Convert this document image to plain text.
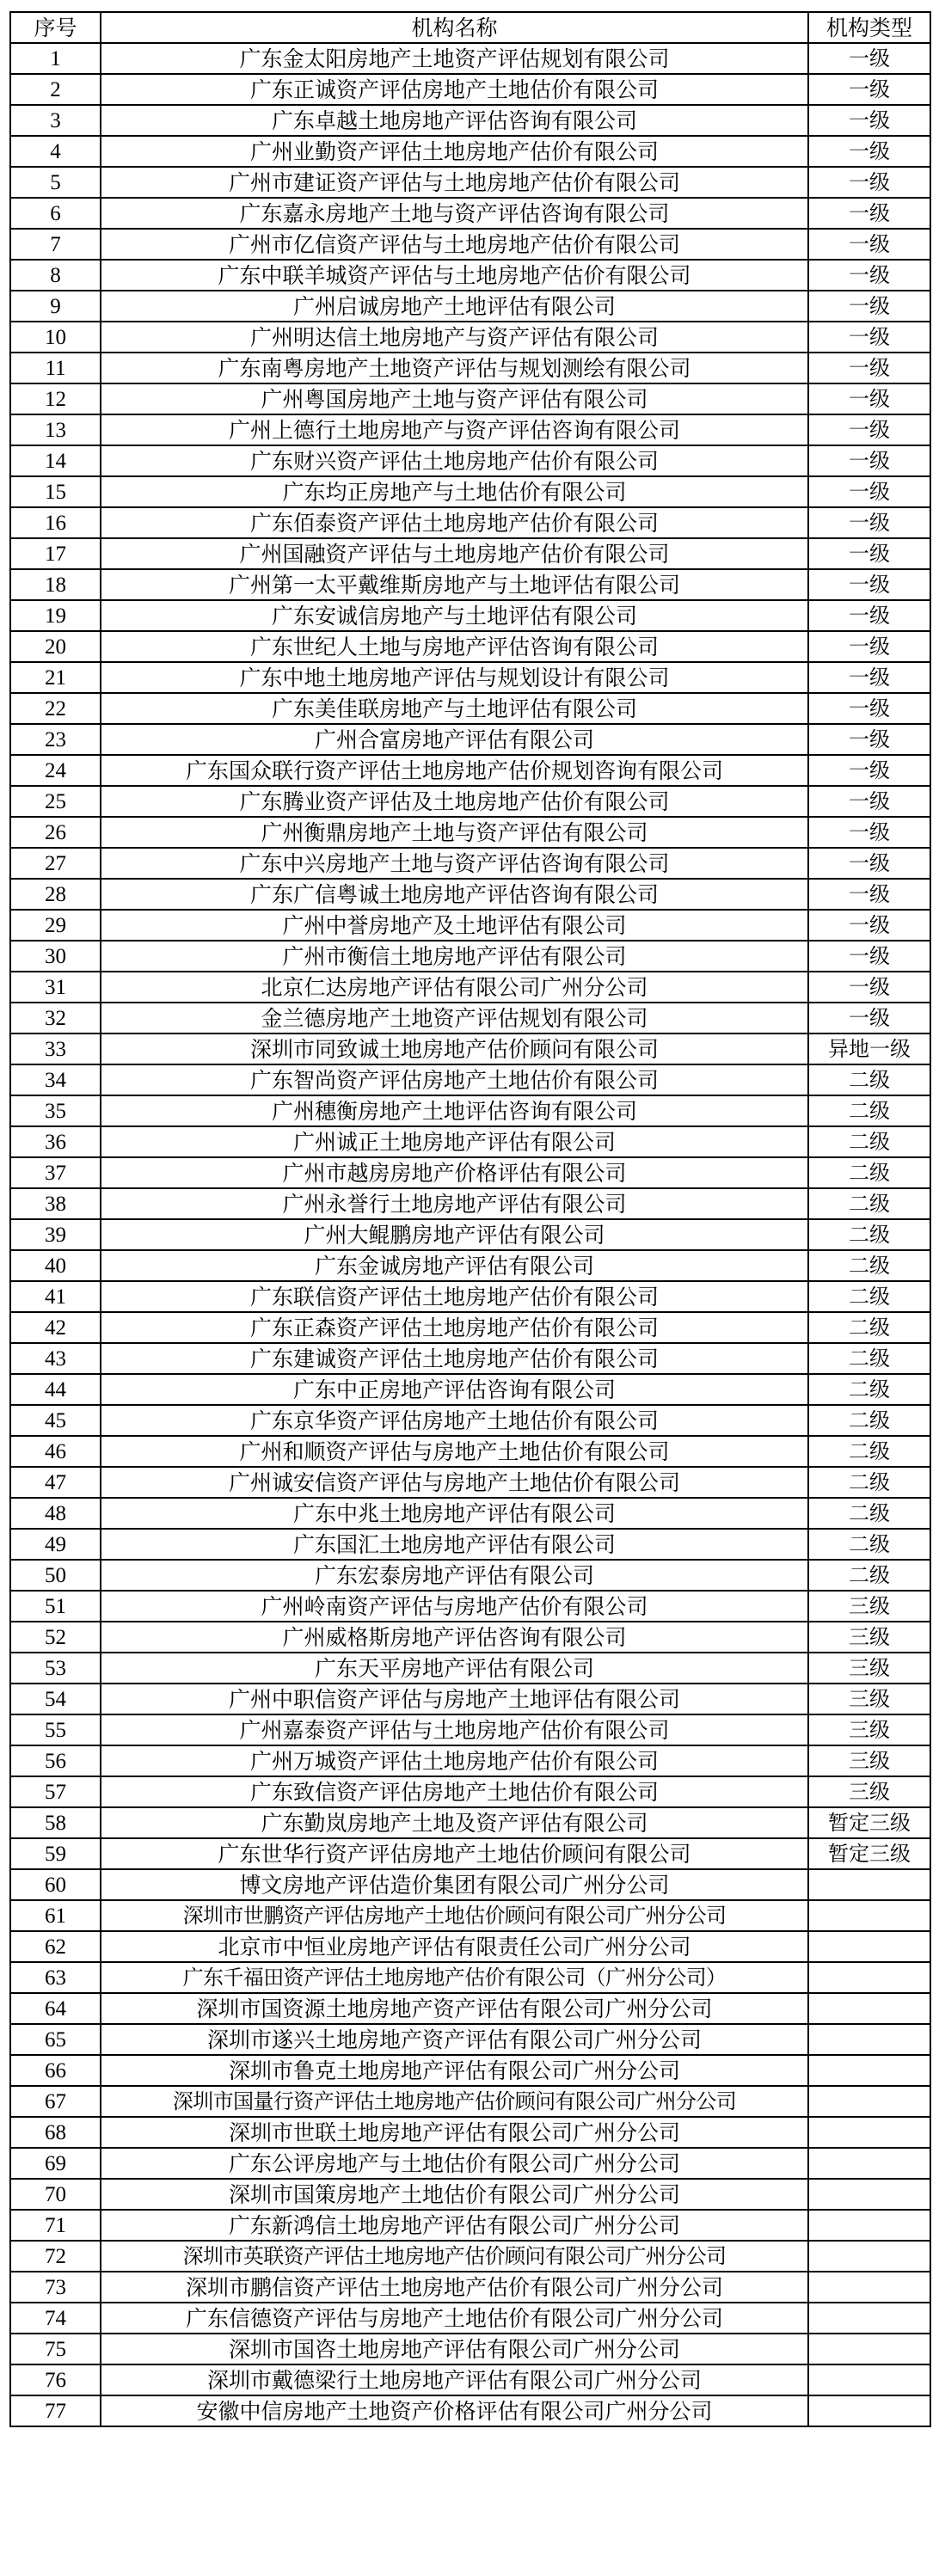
序号	机构名称	机构类型
1	广东金太阳房地产土地资产评估规划有限公司	一级
2	广东正诚资产评估房地产土地估价有限公司	一级
3	广东卓越土地房地产评估咨询有限公司	一级
4	广州业勤资产评估土地房地产估价有限公司	一级
5	广州市建证资产评估与土地房地产估价有限公司	一级
6	广东嘉永房地产土地与资产评估咨询有限公司	一级
7	广州市亿信资产评估与土地房地产估价有限公司	一级
8	广东中联羊城资产评估与土地房地产估价有限公司	一级
9	广州启诚房地产土地评估有限公司	一级
10	广州明达信土地房地产与资产评估有限公司	一级
11	广东南粤房地产土地资产评估与规划测绘有限公司	一级
12	广州粤国房地产土地与资产评估有限公司	一级
13	广州上德行土地房地产与资产评估咨询有限公司	一级
14	广东财兴资产评估土地房地产估价有限公司	一级
15	广东均正房地产与土地估价有限公司	一级
16	广东佰泰资产评估土地房地产估价有限公司	一级
17	广州国融资产评估与土地房地产估价有限公司	一级
18	广州第一太平戴维斯房地产与土地评估有限公司	一级
19	广东安诚信房地产与土地评估有限公司	一级
20	广东世纪人土地与房地产评估咨询有限公司	一级
21	广东中地土地房地产评估与规划设计有限公司	一级
22	广东美佳联房地产与土地评估有限公司	一级
23	广州合富房地产评估有限公司	一级
24	广东国众联行资产评估土地房地产估价规划咨询有限公司	一级
25	广东腾业资产评估及土地房地产估价有限公司	一级
26	广州衡鼎房地产土地与资产评估有限公司	一级
27	广东中兴房地产土地与资产评估咨询有限公司	一级
28	广东广信粤诚土地房地产评估咨询有限公司	一级
29	广州中誉房地产及土地评估有限公司	一级
30	广州市衡信土地房地产评估有限公司	一级
31	北京仁达房地产评估有限公司广州分公司	一级
32	金兰德房地产土地资产评估规划有限公司	一级
33	深圳市同致诚土地房地产估价顾问有限公司	异地一级
34	广东智尚资产评估房地产土地估价有限公司	二级
35	广州穗衡房地产土地评估咨询有限公司	二级
36	广州诚正土地房地产评估有限公司	二级
37	广州市越房房地产价格评估有限公司	二级
38	广州永誉行土地房地产评估有限公司	二级
39	广州大鲲鹏房地产评估有限公司	二级
40	广东金诚房地产评估有限公司	二级
41	广东联信资产评估土地房地产估价有限公司	二级
42	广东正森资产评估土地房地产估价有限公司	二级
43	广东建诚资产评估土地房地产估价有限公司	二级
44	广东中正房地产评估咨询有限公司	二级
45	广东京华资产评估房地产土地估价有限公司	二级
46	广州和顺资产评估与房地产土地估价有限公司	二级
47	广州诚安信资产评估与房地产土地估价有限公司	二级
48	广东中兆土地房地产评估有限公司	二级
49	广东国汇土地房地产评估有限公司	二级
50	广东宏泰房地产评估有限公司	二级
51	广州岭南资产评估与房地产估价有限公司	三级
52	广州威格斯房地产评估咨询有限公司	三级
53	广东天平房地产评估有限公司	三级
54	广州中职信资产评估与房地产土地评估有限公司	三级
55	广州嘉泰资产评估与土地房地产估价有限公司	三级
56	广州万城资产评估土地房地产估价有限公司	三级
57	广东致信资产评估房地产土地估价有限公司	三级
58	广东勤岚房地产土地及资产评估有限公司	暂定三级
59	广东世华行资产评估房地产土地估价顾问有限公司	暂定三级
60	博文房地产评估造价集团有限公司广州分公司	
61	深圳市世鹏资产评估房地产土地估价顾问有限公司广州分公司	
62	北京市中恒业房地产评估有限责任公司广州分公司	
63	广东千福田资产评估土地房地产估价有限公司（广州分公司）	
64	深圳市国资源土地房地产资产评估有限公司广州分公司	
65	深圳市遂兴土地房地产资产评估有限公司广州分公司	
66	深圳市鲁克土地房地产评估有限公司广州分公司	
67	深圳市国量行资产评估土地房地产估价顾问有限公司广州分公司	
68	深圳市世联土地房地产评估有限公司广州分公司	
69	广东公评房地产与土地估价有限公司广州分公司	
70	深圳市国策房地产土地估价有限公司广州分公司	
71	广东新鸿信土地房地产评估有限公司广州分公司	
72	深圳市英联资产评估土地房地产估价顾问有限公司广州分公司	
73	深圳市鹏信资产评估土地房地产估价有限公司广州分公司	
74	广东信德资产评估与房地产土地估价有限公司广州分公司	
75	深圳市国咨土地房地产评估有限公司广州分公司	
76	深圳市戴德梁行土地房地产评估有限公司广州分公司	
77	安徽中信房地产土地资产价格评估有限公司广州分公司	
